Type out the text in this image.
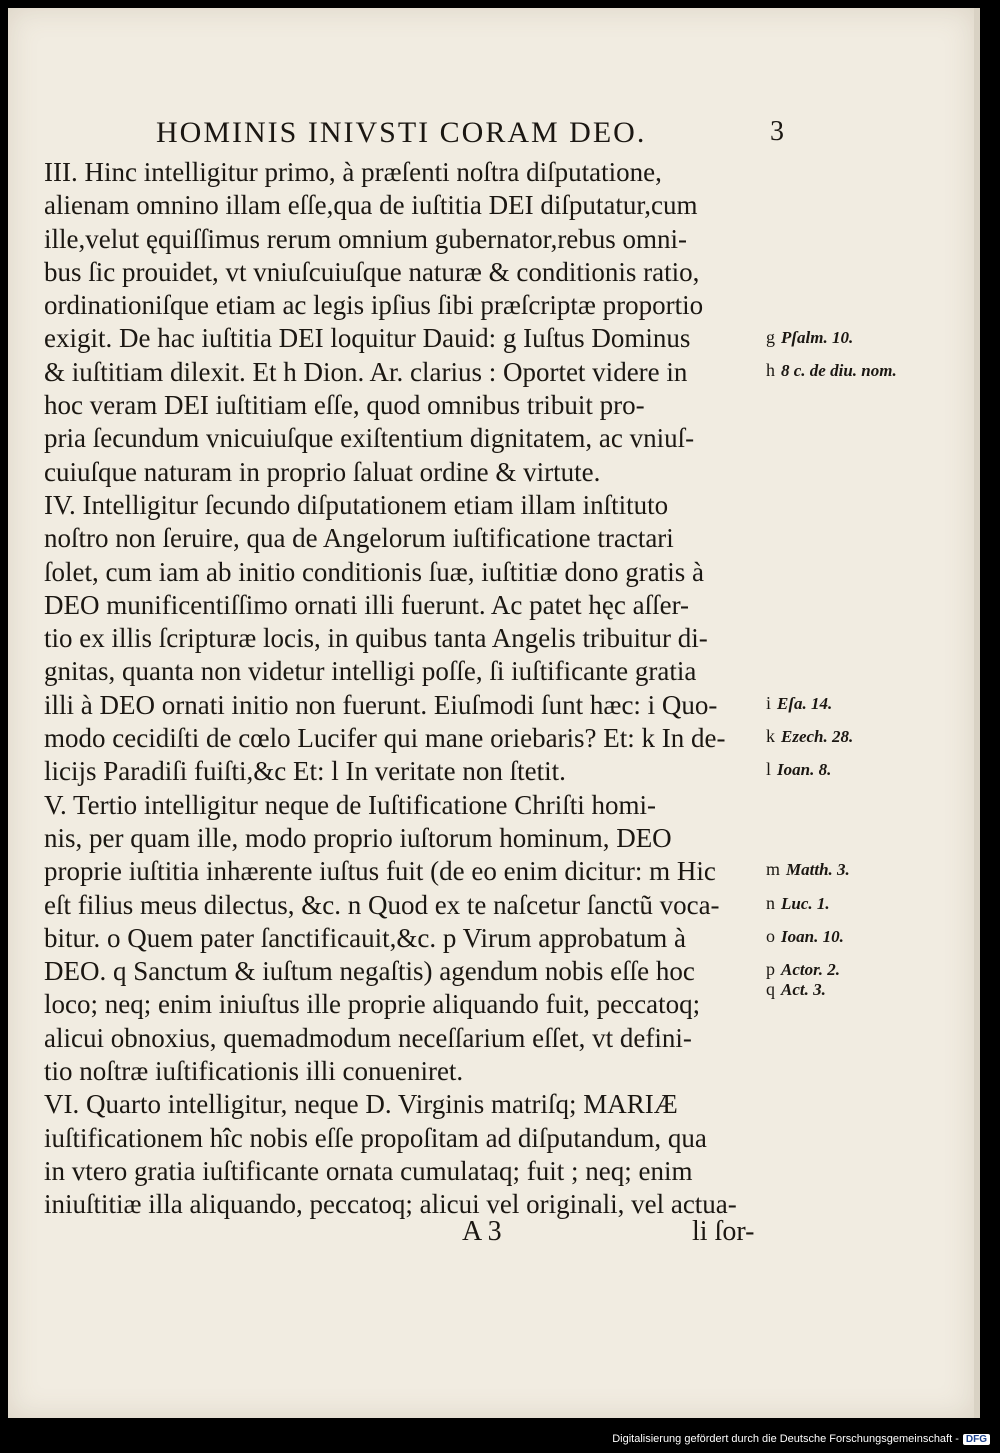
HOMINIS INIVSTI CORAM DEO.	3
III. Hinc intelligitur primo, à præſenti noſtra diſputatione,
alienam omnino illam eſſe,qua de iuſtitia DEI diſputatur,cum
ille,velut ęquiſſimus rerum omnium gubernator,rebus omni-
bus ſic prouidet, vt vniuſcuiuſque naturæ & conditionis ratio,
ordinationiſque etiam ac legis ipſius ſibi præſcriptæ proportio
exigit. De hac iuſtitia DEI loquitur Dauid: g Iuſtus Dominus
& iuſtitiam dilexit. Et h Dion. Ar. clarius : Oportet videre in
hoc veram DEI iuſtitiam eſſe, quod omnibus tribuit pro-
pria ſecundum vnicuiuſque exiſtentium dignitatem, ac vniuſ-
cuiuſque naturam in proprio ſaluat ordine & virtute.
IV. Intelligitur ſecundo diſputationem etiam illam inſtituto
noſtro non ſeruire, qua de Angelorum iuſtificatione tractari
ſolet, cum iam ab initio conditionis ſuæ, iuſtitiæ dono gratis à
DEO munificentiſſimo ornati illi fuerunt. Ac patet hęc aſſer-
tio ex illis ſcripturæ locis, in quibus tanta Angelis tribuitur di-
gnitas, quanta non videtur intelligi poſſe, ſi iuſtificante gratia
illi à DEO ornati initio non fuerunt. Eiuſmodi ſunt hæc: i Quo-
modo cecidiſti de cœlo Lucifer qui mane oriebaris? Et: k In de-
licijs Paradiſi fuiſti,&c Et: l In veritate non ſtetit.
V. Tertio intelligitur neque de Iuſtificatione Chriſti homi-
nis, per quam ille, modo proprio iuſtorum hominum, DEO
proprie iuſtitia inhærente iuſtus fuit (de eo enim dicitur: m Hic
eſt filius meus dilectus, &c. n Quod ex te naſcetur ſanctũ voca-
bitur. o Quem pater ſanctificauit,&c. p Virum approbatum à
DEO. q Sanctum & iuſtum negaſtis) agendum nobis eſſe hoc
loco; neq; enim iniuſtus ille proprie aliquando fuit, peccatoq;
alicui obnoxius, quemadmodum neceſſarium eſſet, vt defini-
tio noſtræ iuſtificationis illi conueniret.
VI. Quarto intelligitur, neque D. Virginis matriſq; MARIÆ
iuſtificationem hîc nobis eſſe propoſitam ad diſputandum, qua
in vtero gratia iuſtificante ornata cumulataq; fuit ; neq; enim
iniuſtitiæ illa aliquando, peccatoq; alicui vel originali, vel actua-
g Pſalm. 10.
h 8 c. de diu. nom.
i Eſa. 14.
k Ezech. 28.
l Ioan. 8.
m Matth. 3.
n Luc. 1.
o Ioan. 10.
p Actor. 2.
q Act. 3.
A 3	li ſor-
Digitalisierung gefördert durch die Deutsche Forschungsgemeinschaft - DFG
